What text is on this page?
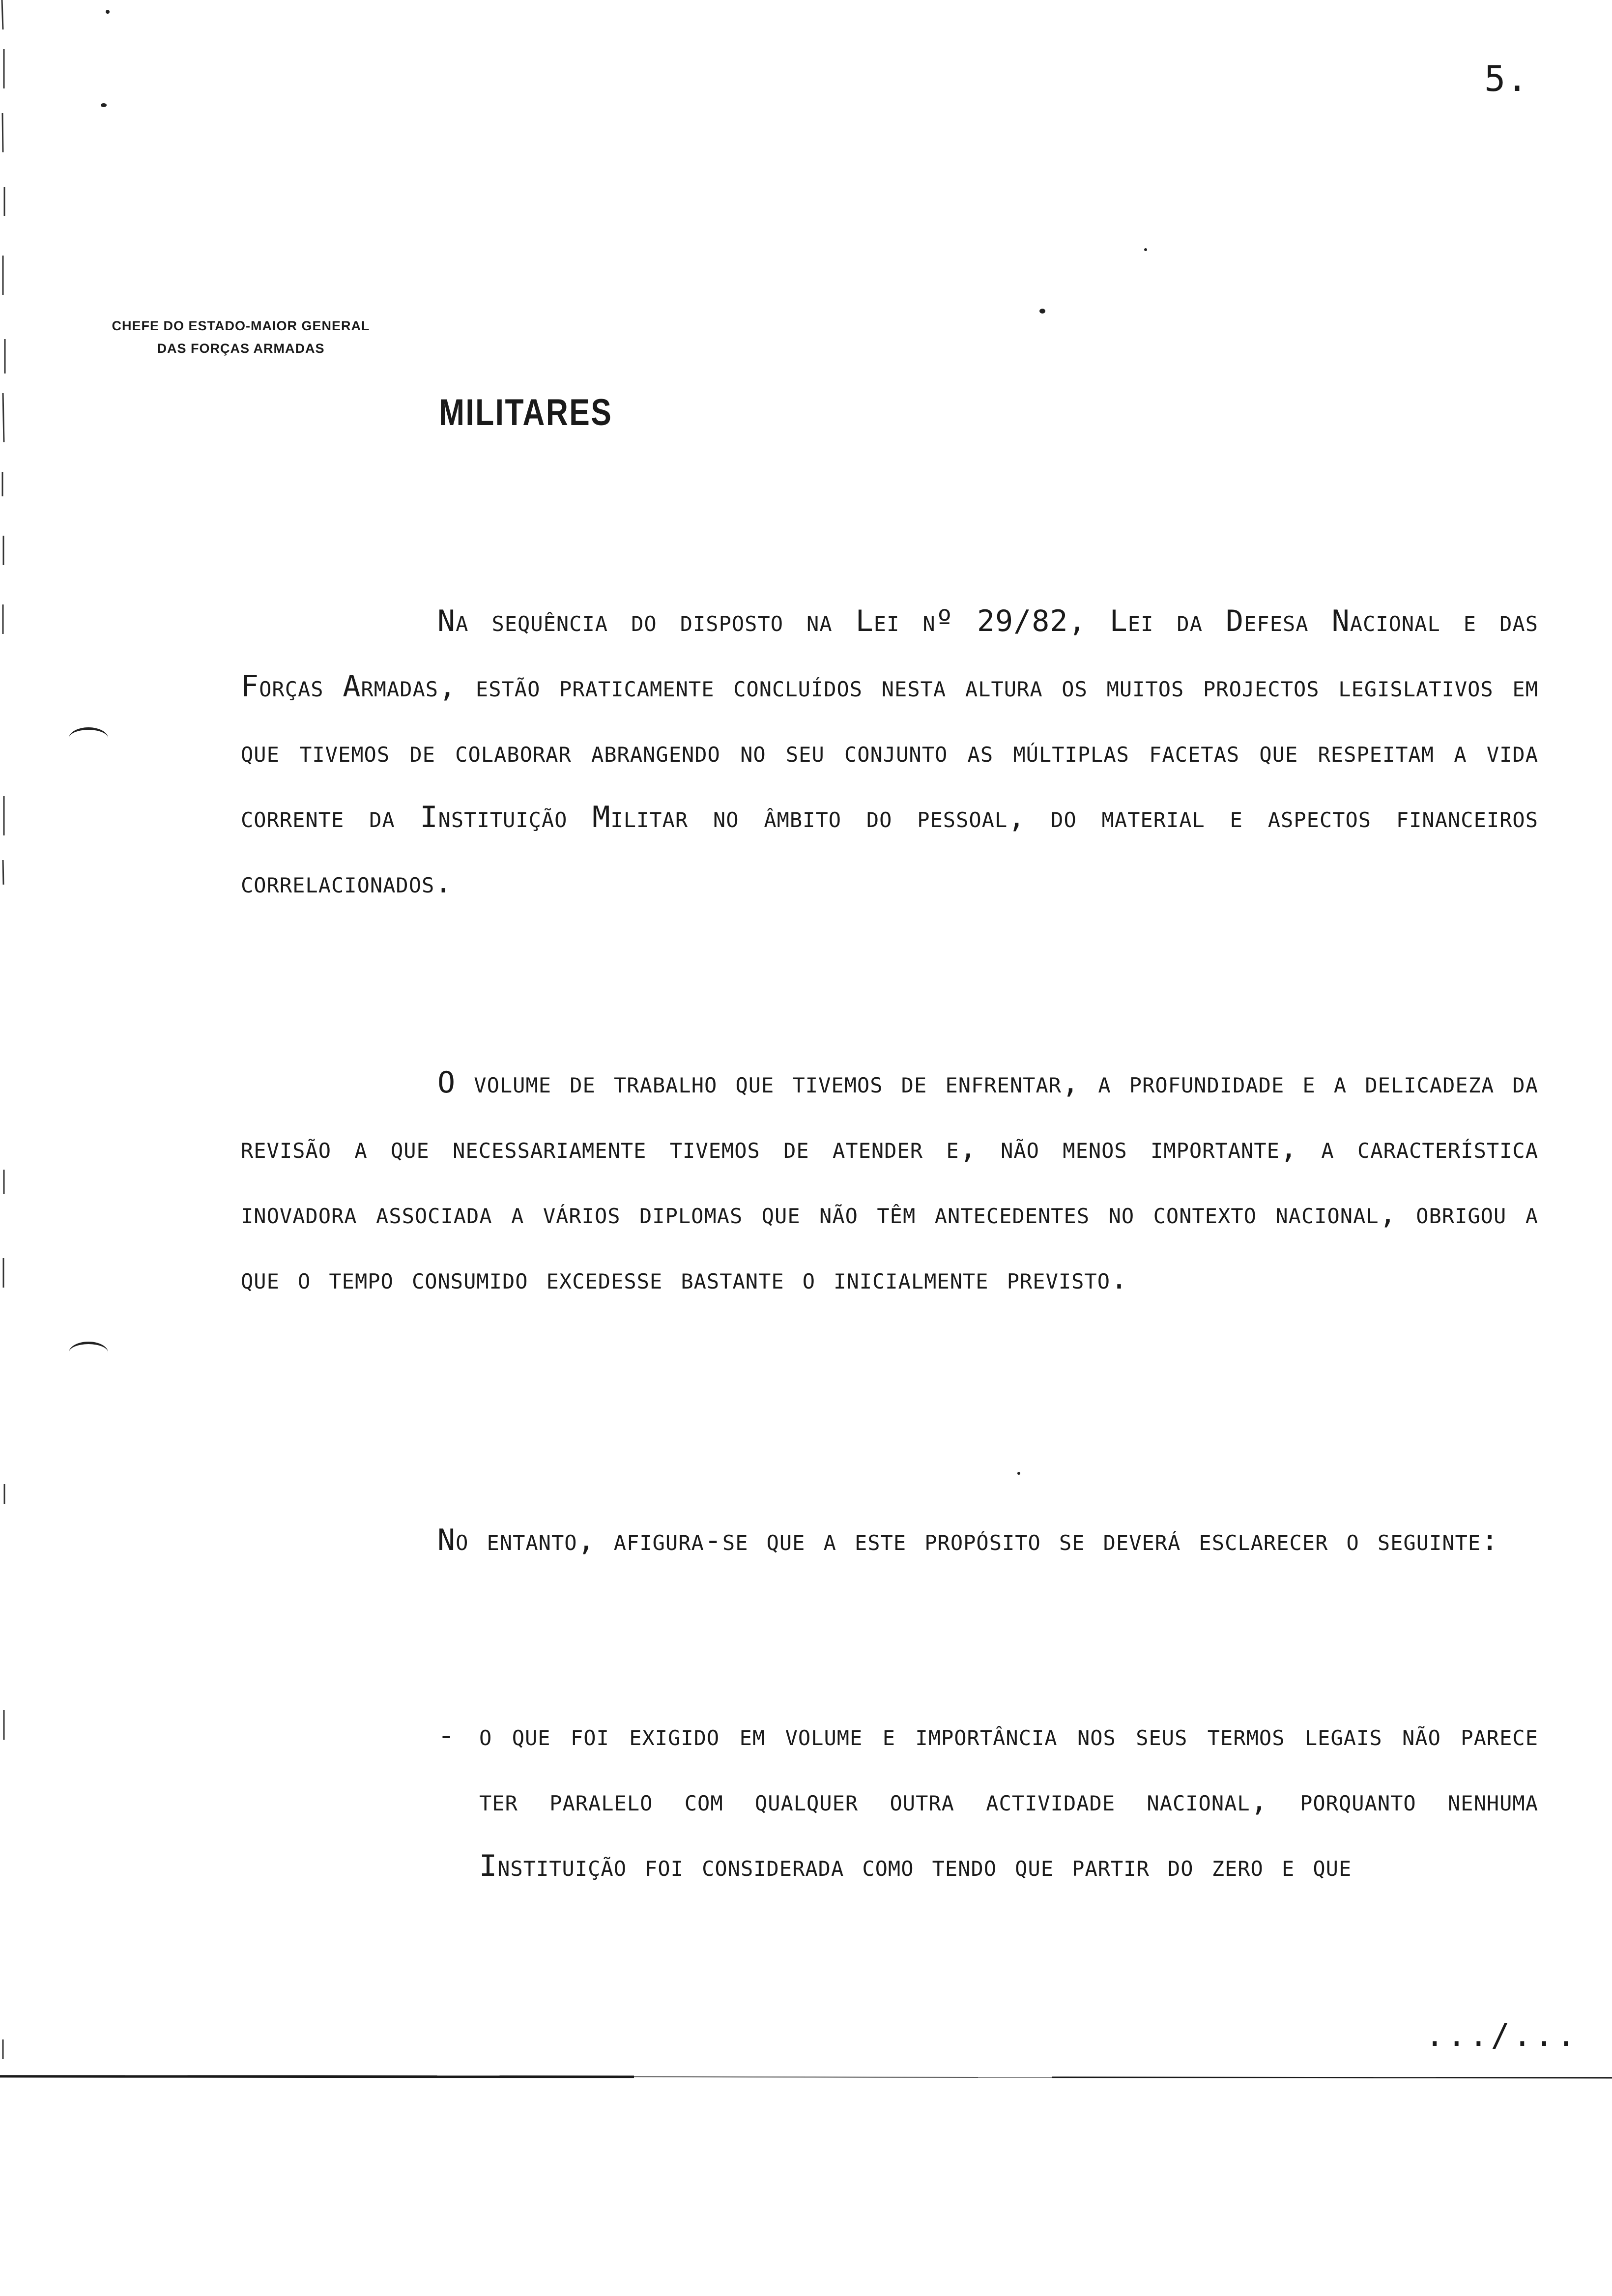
5.
CHEFE DO ESTADO-MAIOR GENERAL
DAS FORÇAS ARMADAS
MILITARES

Na sequência do disposto na Lei nº 29/82, Lei da Defesa Nacional e das Forças Armadas, estão praticamente concluídos nesta altura os muitos projectos legislativos em que tivemos de colaborar abrangendo no seu conjunto as múltiplas facetas que respeitam a vida corrente da Instituição Militar no âmbito do pessoal, do material e aspectos financeiros correlacionados.

O volume de trabalho que tivemos de enfrentar, a profundidade e a delicadeza da revisão a que necessariamente tivemos de atender e, não menos importante, a característica inovadora associada a vários diplomas que não têm antecedentes no contexto nacional, obrigou a que o tempo consumido excedesse bastante o inicialmente previsto.

No entanto, afigura-se que a este propósito se deverá esclarecer o seguinte:

- o que foi exigido em volume e importância nos seus termos legais não parece ter paralelo com qualquer outra actividade nacional, porquanto nenhuma Instituição foi considerada como tendo que partir do zero e que

.../...
